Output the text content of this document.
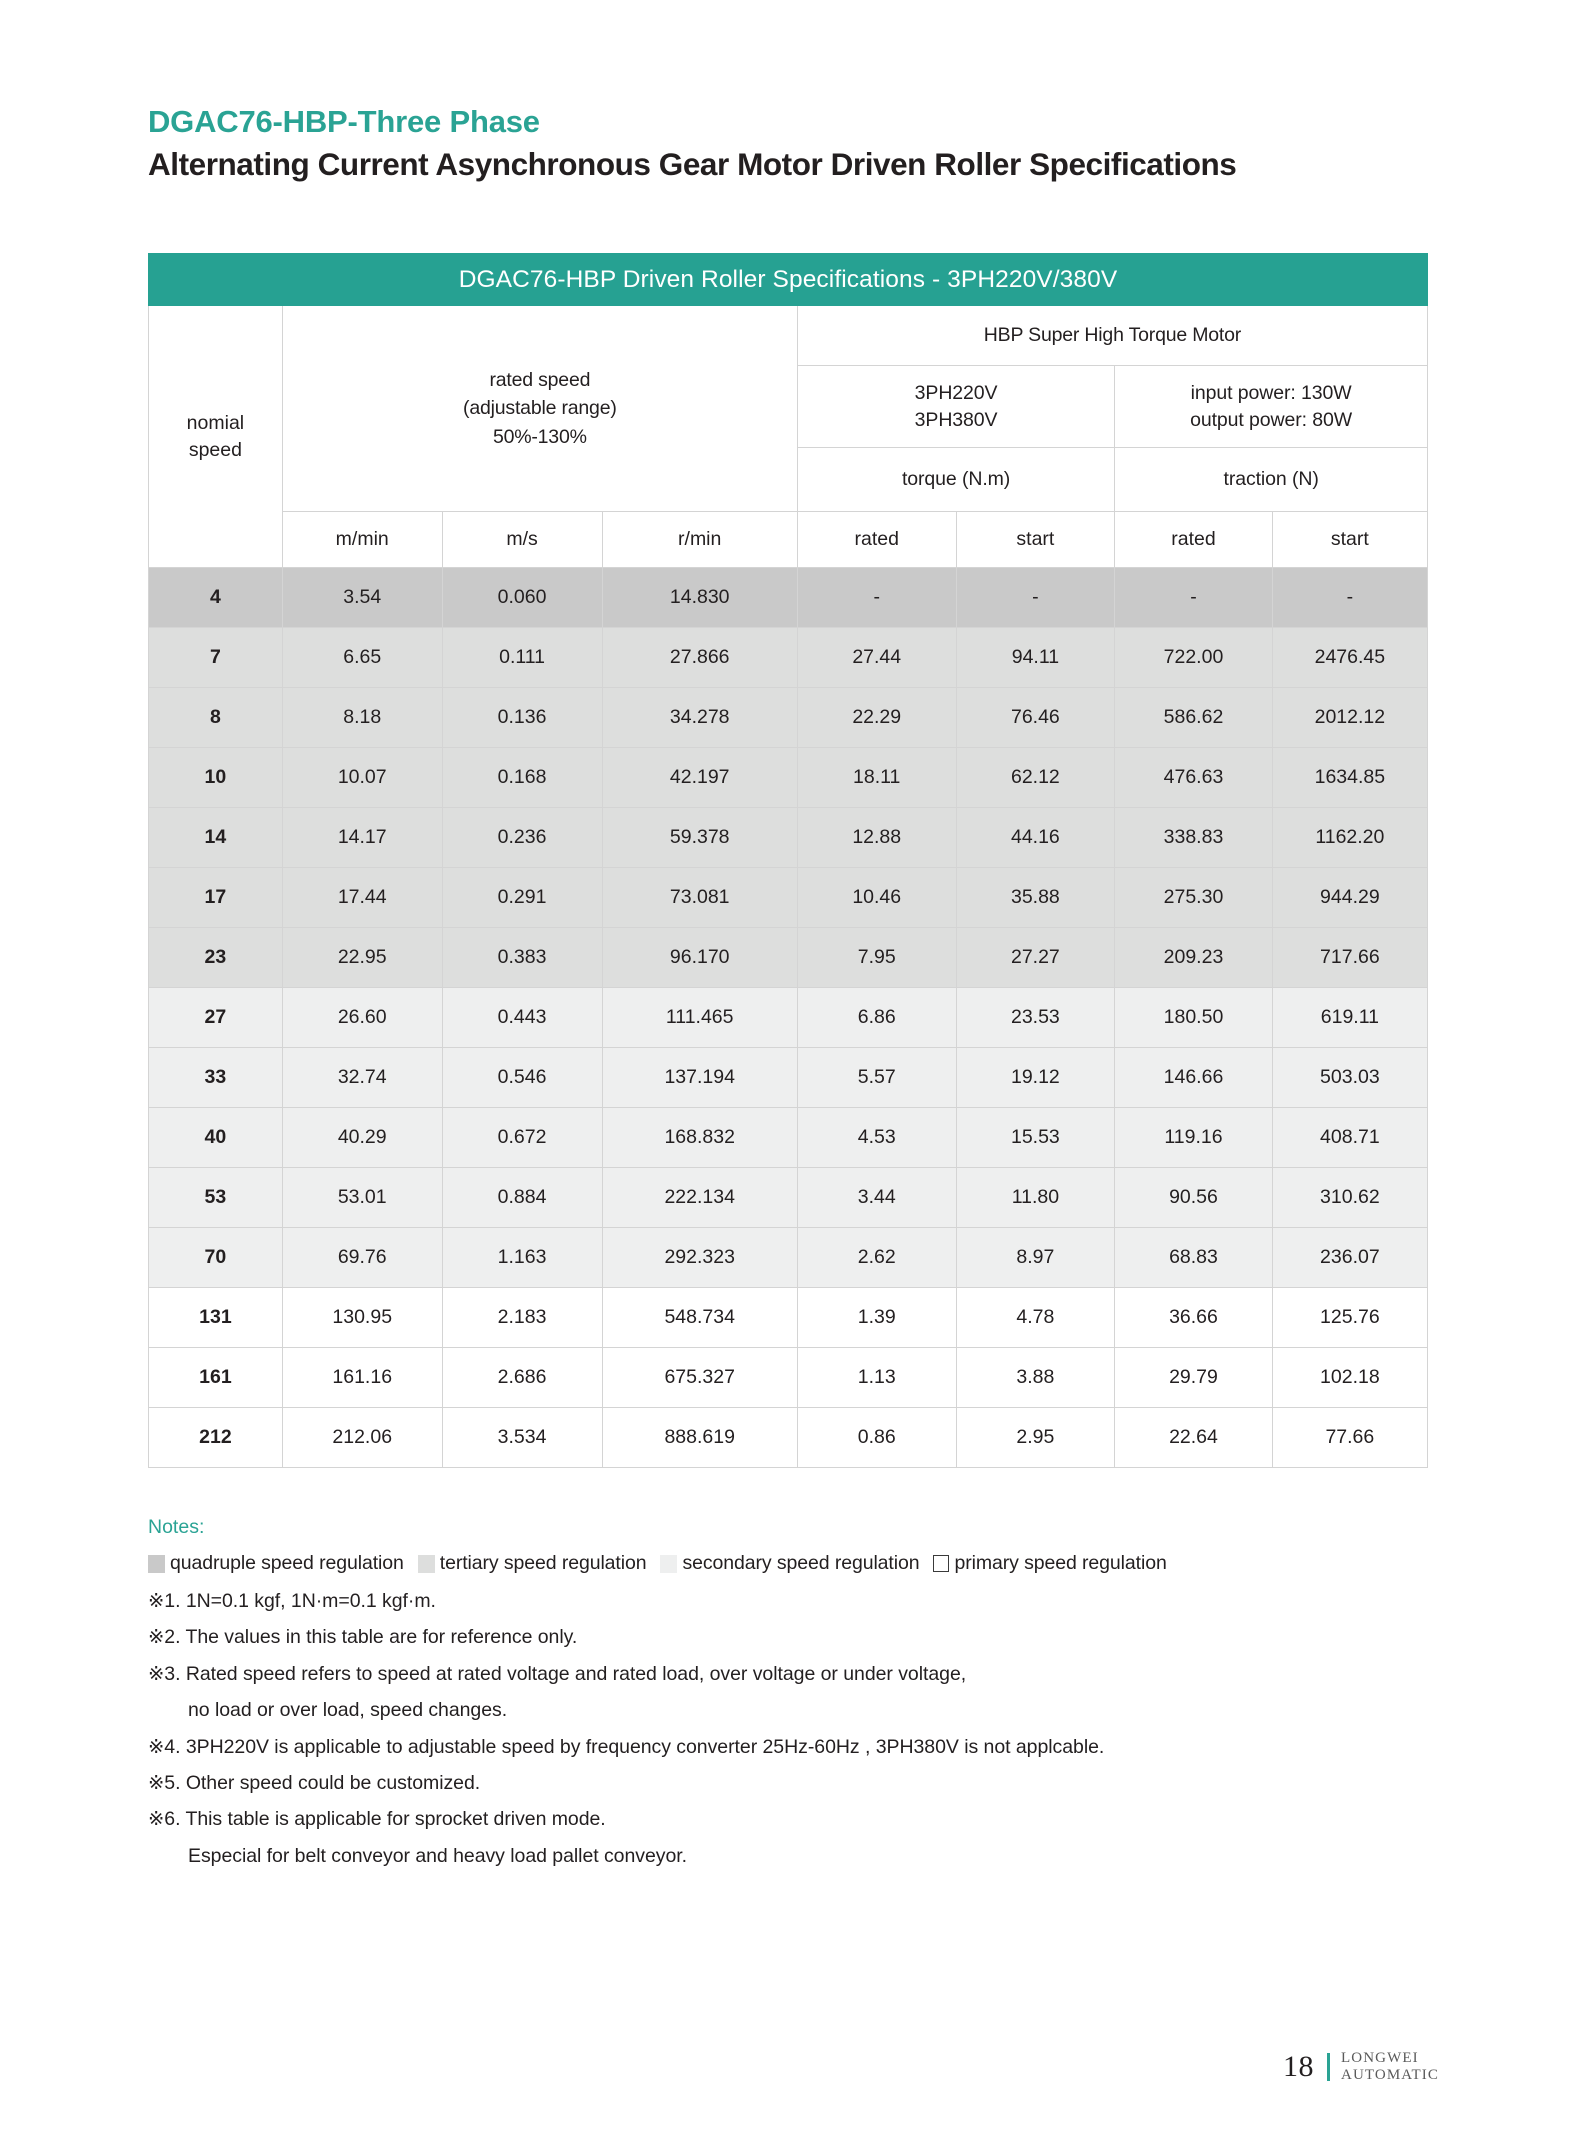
DGAC76-HBP-Three Phase
Alternating Current Asynchronous Gear Motor Driven Roller Specifications
DGAC76-HBP Driven Roller Specifications - 3PH220V/380V							

nomial
speed

rated speed
(adjustable range)
50%-130%
	HBP Super High Torque Motor

3PH220V
3PH380V

input power: 130W
output power: 80W

				torque (N.m)		traction (N)	
	m/min	m/s	r/min	rated	start	rated	start
4	3.54	0.060	14.830	-	-	-	-
7	6.65	0.111	27.866	27.44	94.11	722.00	2476.45
8	8.18	0.136	34.278	22.29	76.46	586.62	2012.12
10	10.07	0.168	42.197	18.11	62.12	476.63	1634.85
14	14.17	0.236	59.378	12.88	44.16	338.83	1162.20
17	17.44	0.291	73.081	10.46	35.88	275.30	944.29
23	22.95	0.383	96.170	7.95	27.27	209.23	717.66
27	26.60	0.443	111.465	6.86	23.53	180.50	619.11
33	32.74	0.546	137.194	5.57	19.12	146.66	503.03
40	40.29	0.672	168.832	4.53	15.53	119.16	408.71
53	53.01	0.884	222.134	3.44	11.80	90.56	310.62
70	69.76	1.163	292.323	2.62	8.97	68.83	236.07
131	130.95	2.183	548.734	1.39	4.78	36.66	125.76
161	161.16	2.686	675.327	1.13	3.88	29.79	102.18
212	212.06	3.534	888.619	0.86	2.95	22.64	77.66
Notes:
quadruple speed regulation tertiary speed regulation secondary speed regulation primary speed regulation
※1. 1N=0.1 kgf, 1N·m=0.1 kgf·m.
※2. The values in this table are for reference only.
※3. Rated speed refers to speed at rated voltage and rated load, over voltage or under voltage,
no load or over load, speed changes.
※4. 3PH220V is applicable to adjustable speed by frequency converter 25Hz-60Hz , 3PH380V is not applcable.
※5. Other speed could be customized.
※6. This table is applicable for sprocket driven mode.
Especial for belt conveyor and heavy load pallet conveyor.
18 LONGWEI
AUTOMATIC
